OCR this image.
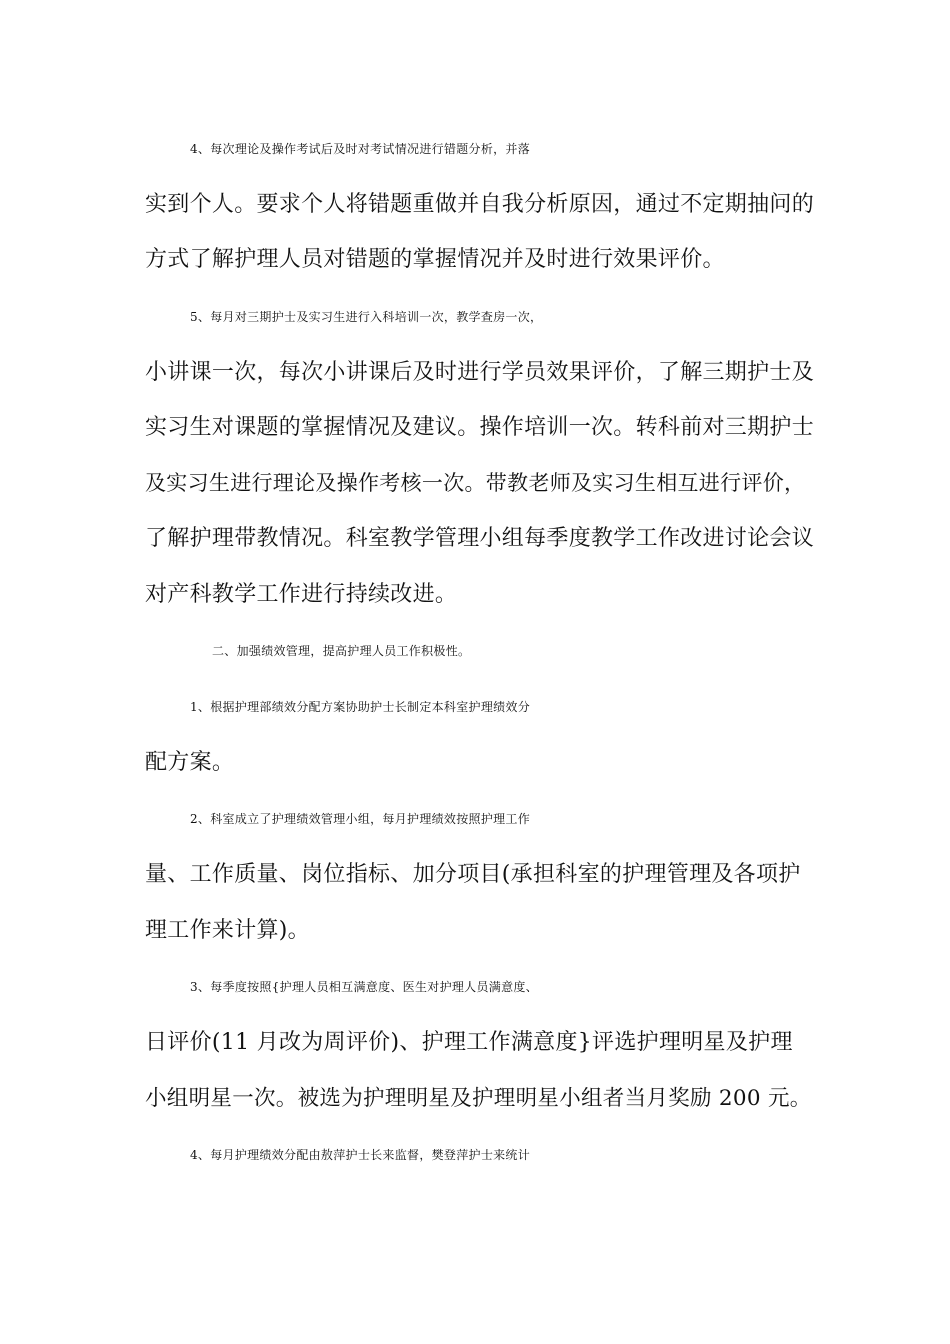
4、每次理论及操作考试后及时对考试情况进行错题分析，并落
实到个人。要求个人将错题重做并自我分析原因，通过不定期抽问的
方式了解护理人员对错题的掌握情况并及时进行效果评价。
5、每月对三期护士及实习生进行入科培训一次，教学查房一次，
小讲课一次，每次小讲课后及时进行学员效果评价，了解三期护士及
实习生对课题的掌握情况及建议。操作培训一次。转科前对三期护士
及实习生进行理论及操作考核一次。带教老师及实习生相互进行评价，
了解护理带教情况。科室教学管理小组每季度教学工作改进讨论会议
对产科教学工作进行持续改进。
二、加强绩效管理，提高护理人员工作积极性。
1、根据护理部绩效分配方案协助护士长制定本科室护理绩效分
配方案。
2、科室成立了护理绩效管理小组，每月护理绩效按照护理工作
量、工作质量、岗位指标、加分项目(承担科室的护理管理及各项护
理工作来计算)。
3、每季度按照{护理人员相互满意度、医生对护理人员满意度、
日评价(11 月改为周评价)、护理工作满意度}评选护理明星及护理
小组明星一次。被选为护理明星及护理明星小组者当月奖励 200 元。
4、每月护理绩效分配由敖萍护士长来监督，樊登萍护士来统计
